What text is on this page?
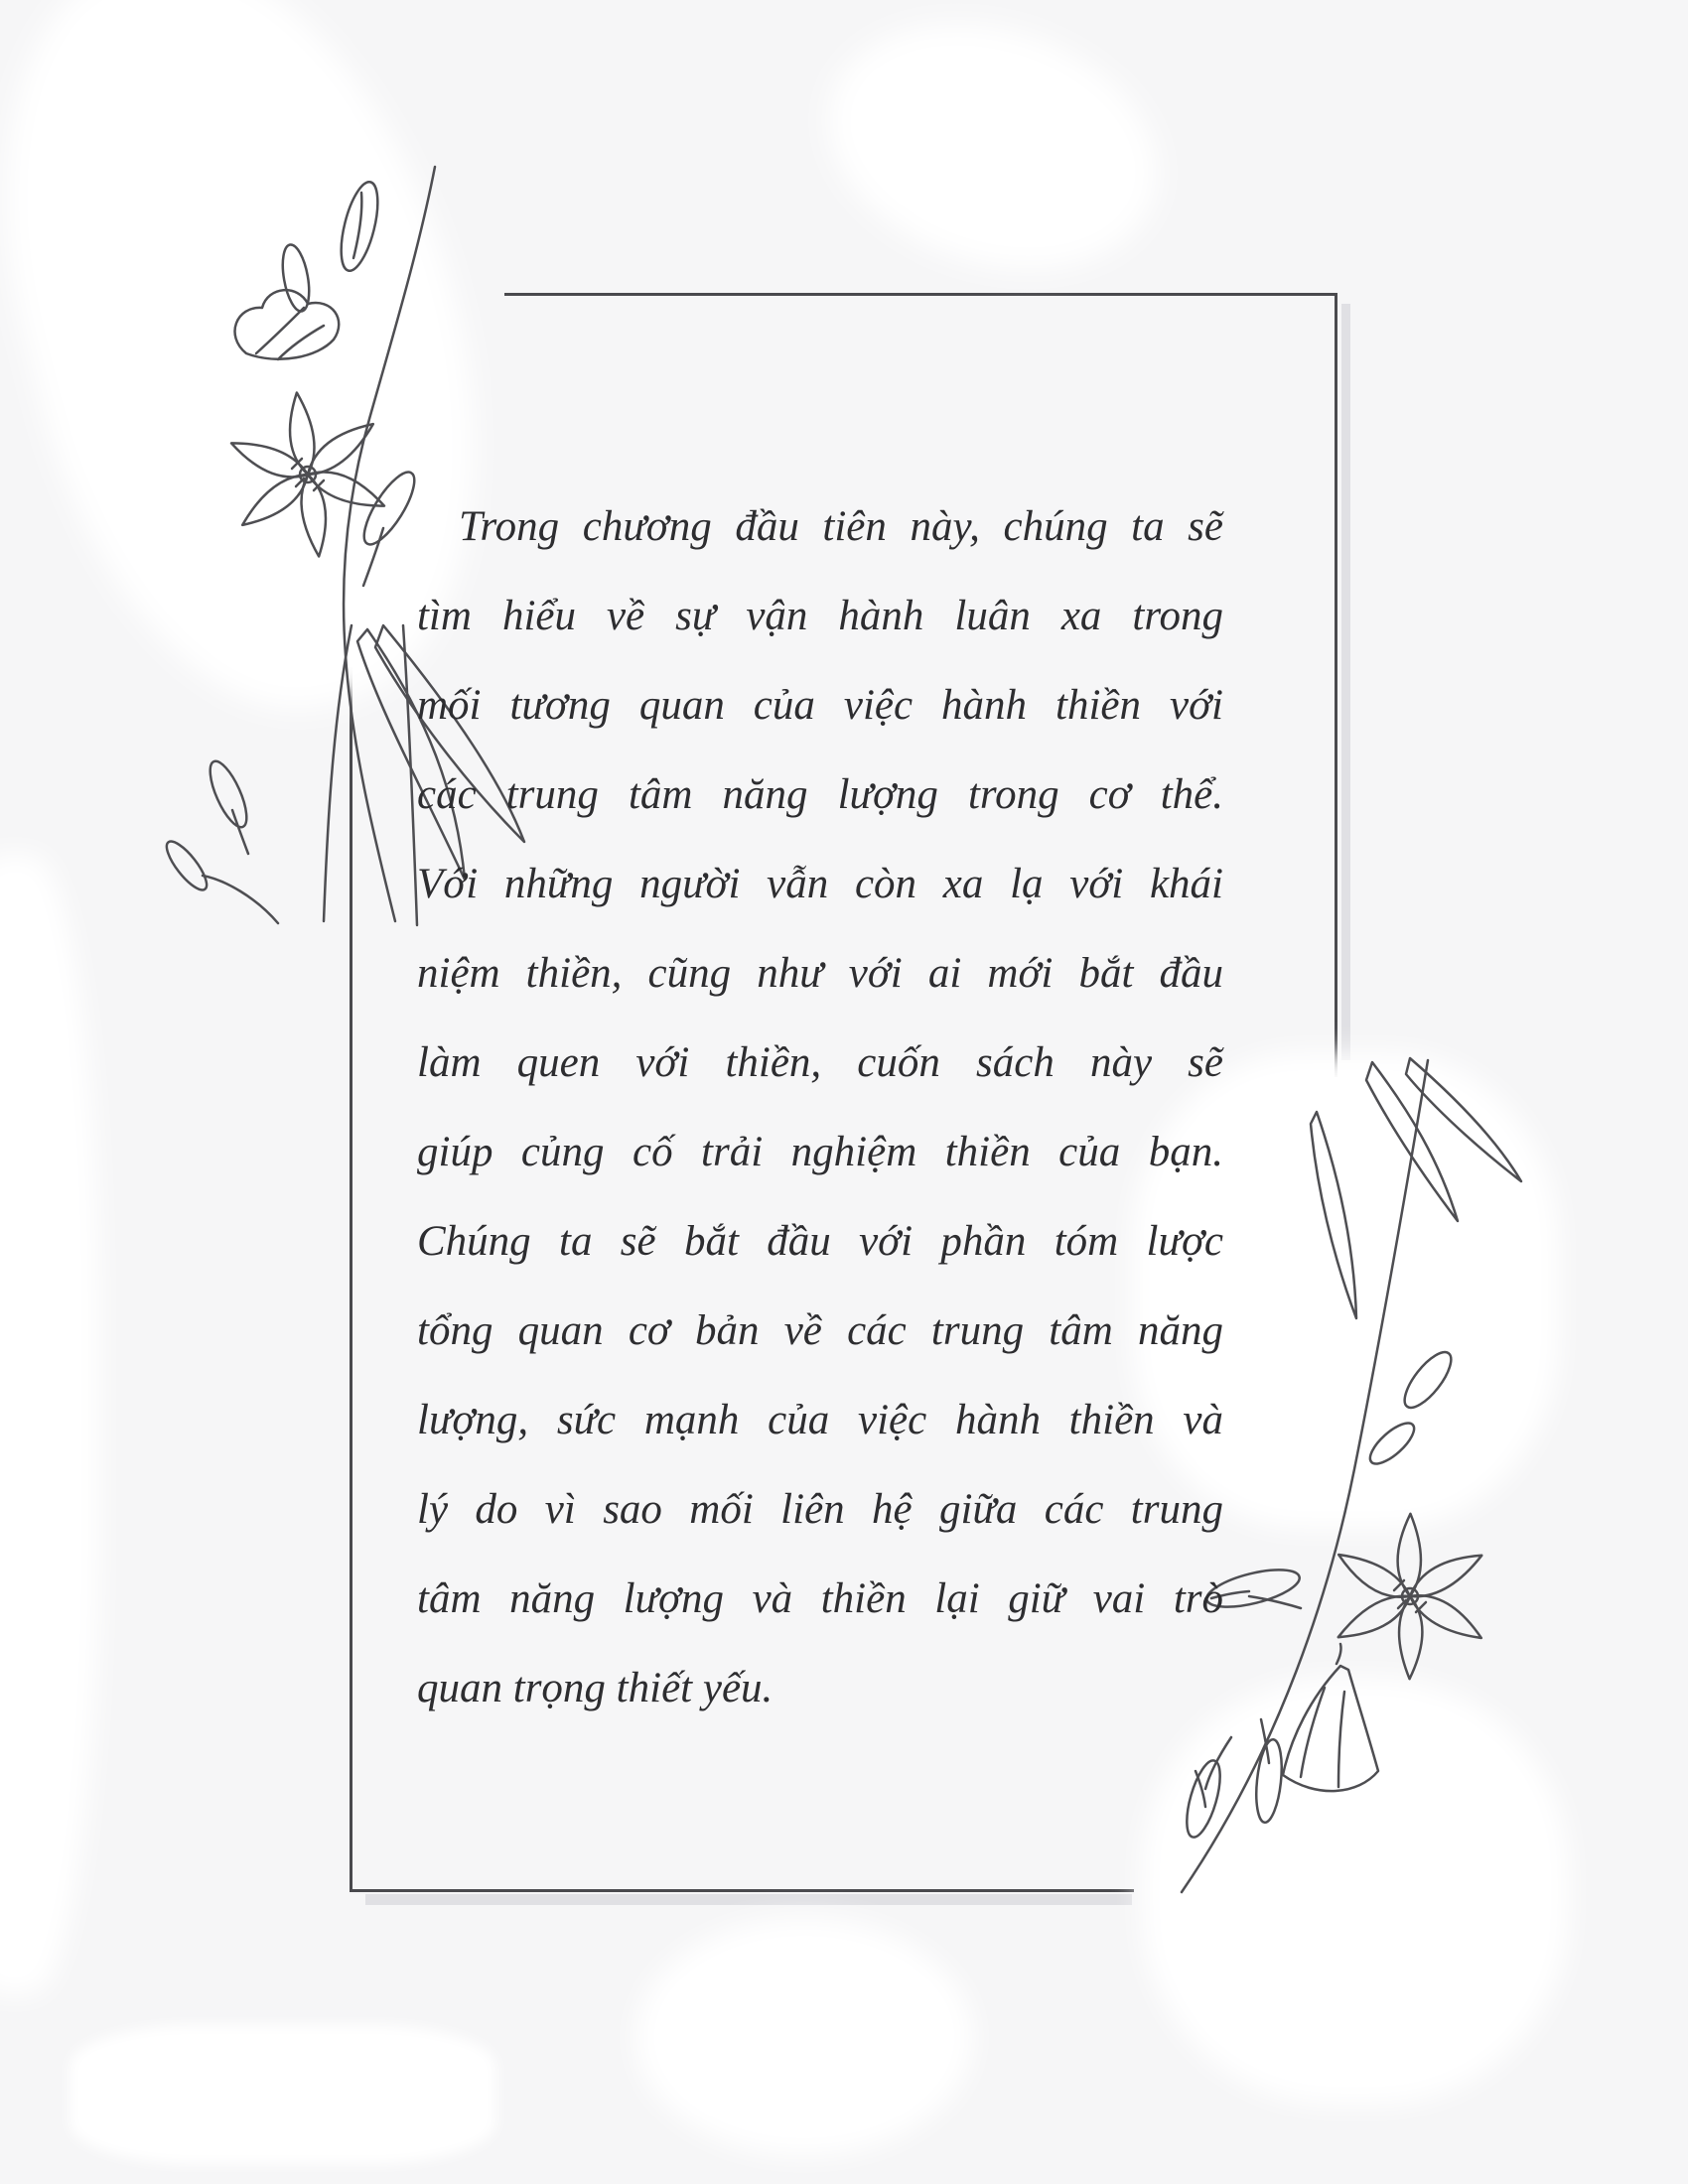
Trong chương đầu tiên này, chúng ta sẽ
tìm hiểu về sự vận hành luân xa trong
mối tương quan của việc hành thiền với
các trung tâm năng lượng trong cơ thể.
Với những người vẫn còn xa lạ với khái
niệm thiền, cũng như với ai mới bắt đầu
làm quen với thiền, cuốn sách này sẽ
giúp củng cố trải nghiệm thiền của bạn.
Chúng ta sẽ bắt đầu với phần tóm lược
tổng quan cơ bản về các trung tâm năng
lượng, sức mạnh của việc hành thiền và
lý do vì sao mối liên hệ giữa các trung
tâm năng lượng và thiền lại giữ vai trò
quan trọng thiết yếu.
